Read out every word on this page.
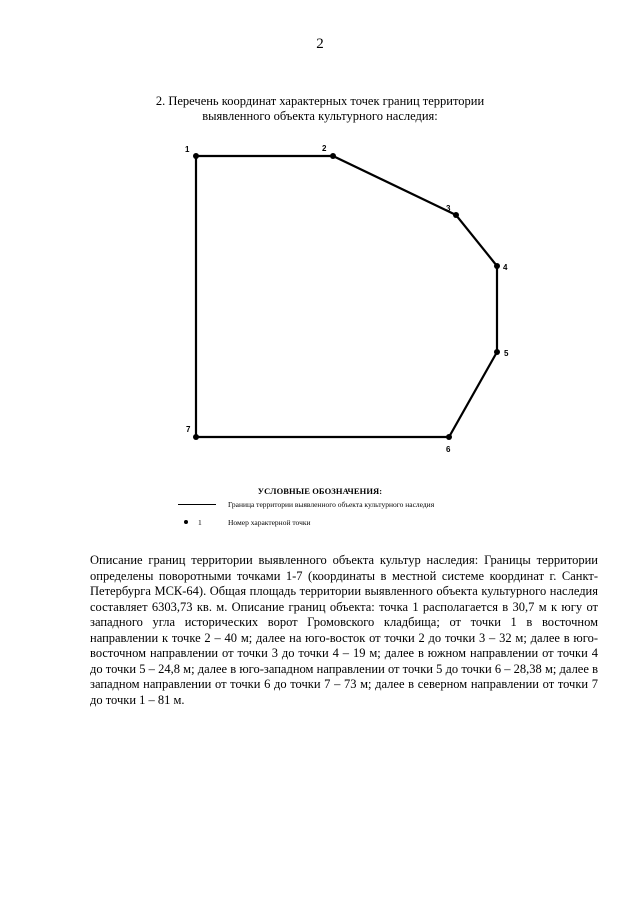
2
2. Перечень координат характерных точек границ территории
выявленного объекта культурного наследия:
1	2
3
4
5
6
7
УСЛОВНЫЕ ОБОЗНАЧЕНИЯ:
Граница территории выявленного объекта культурного наследия
1	Номер характерной точки
Описание границ территории выявленного объекта культур наследия: Границы территории определены поворотными точками 1-7 (координаты в местной системе координат г. Санкт-Петербурга МСК-64). Общая площадь территории выявленного объекта культурного наследия составляет 6303,73 кв. м. Описание границ объекта: точка 1 располагается в 30,7 м к югу от западного угла исторических ворот Громовского кладбища; от точки 1 в восточном направлении к точке 2 – 40 м; далее на юго-восток от точки 2 до точки 3 – 32 м; далее в юго-восточном направлении от точки 3 до точки 4 – 19 м; далее в южном направлении от точки 4 до точки 5 – 24,8 м; далее в юго-западном направлении от точки 5 до точки 6 – 28,38 м; далее в западном направлении от точки 6 до точки 7 – 73 м; далее в северном направлении от точки 7 до точки 1 – 81 м.
